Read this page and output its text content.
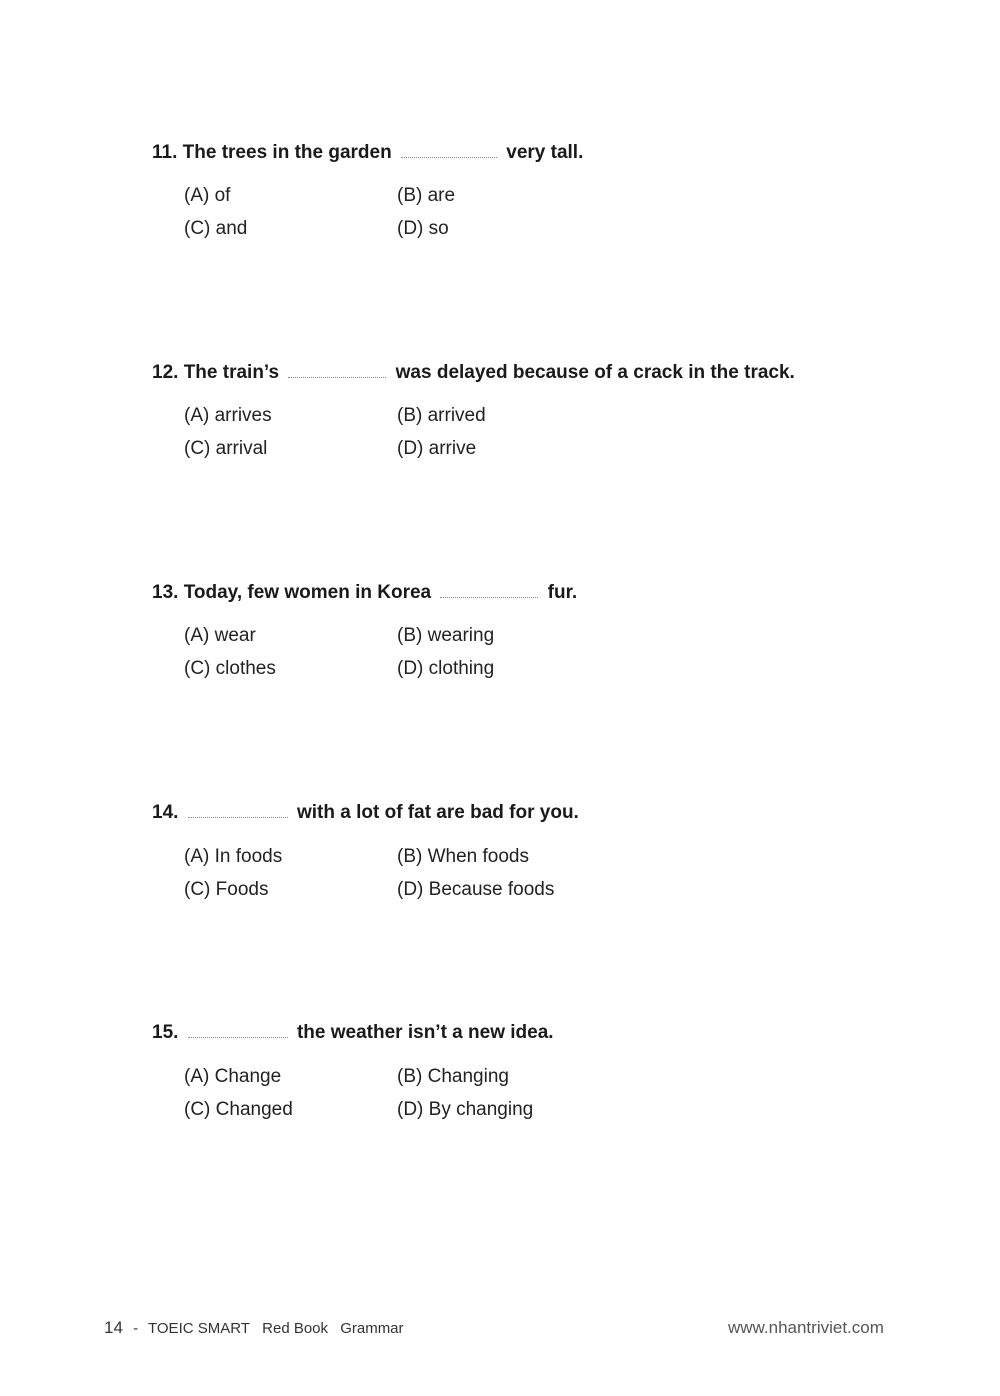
11. The trees in the garden	very tall.
(A) of	(B) are
(C) and	(D) so
12. The train’s	was delayed because of a crack in the track.
(A) arrives	(B) arrived
(C) arrival	(D) arrive
13. Today, few women in Korea	fur.
(A) wear	(B) wearing
(C) clothes	(D) clothing
14.	with a lot of fat are bad for you.
(A) In foods	(B) When foods
(C) Foods	(D) Because foods
15.	the weather isn’t a new idea.
(A) Change	(B) Changing
(C) Changed	(D) By changing
14 - TOEIC SMART Red Book Grammar	www.nhantriviet.com
